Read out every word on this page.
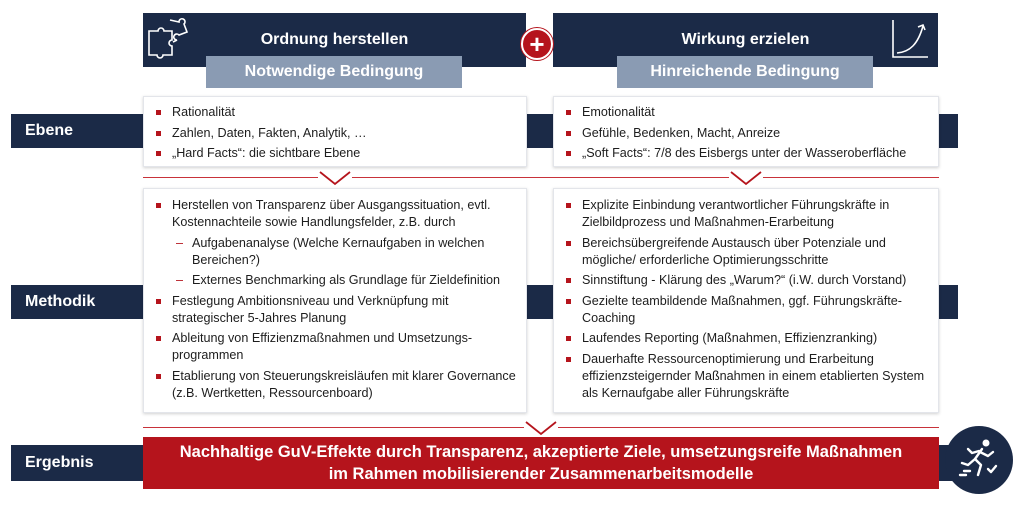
Ordnung herstellen	Wirkung erzielen
+
Notwendige Bedingung	Hinreichende Bedingung
Ebene
Rationalität
Zahlen, Daten, Fakten, Analytik, …
„Hard Facts“: die sichtbare Ebene
Emotionalität
Gefühle, Bedenken, Macht, Anreize
„Soft Facts“: 7/8 des Eisbergs unter der Wasseroberfläche
Methodik
Herstellen von Transparenz über Ausgangssituation, evtl. Kostennachteile sowie Handlungsfelder, z.B. durch
– Aufgabenanalyse (Welche Kernaufgaben in welchen Bereichen?)
– Externes Benchmarking als Grundlage für Zieldefinition
Festlegung Ambitionsniveau und Verknüpfung mit strategischer 5-Jahres Planung
Ableitung von Effizienzmaßnahmen und Umsetzungs-programmen
Etablierung von Steuerungskreisläufen mit klarer Governance (z.B. Wertketten, Ressourcenboard)
Explizite Einbindung verantwortlicher Führungskräfte in Zielbildprozess und Maßnahmen-Erarbeitung
Bereichsübergreifende Austausch über Potenziale und mögliche/ erforderliche Optimierungsschritte
Sinnstiftung - Klärung des „Warum?“ (i.W. durch Vorstand)
Gezielte teambildende Maßnahmen, ggf. Führungskräfte-Coaching
Laufendes Reporting (Maßnahmen, Effizienzranking)
Dauerhafte Ressourcenoptimierung und Erarbeitung effizienzsteigernder Maßnahmen in einem etablierten System als Kernaufgabe aller Führungskräfte
Ergebnis
Nachhaltige GuV-Effekte durch Transparenz, akzeptierte Ziele, umsetzungsreife Maßnahmen
im Rahmen mobilisierender Zusammenarbeitsmodelle
